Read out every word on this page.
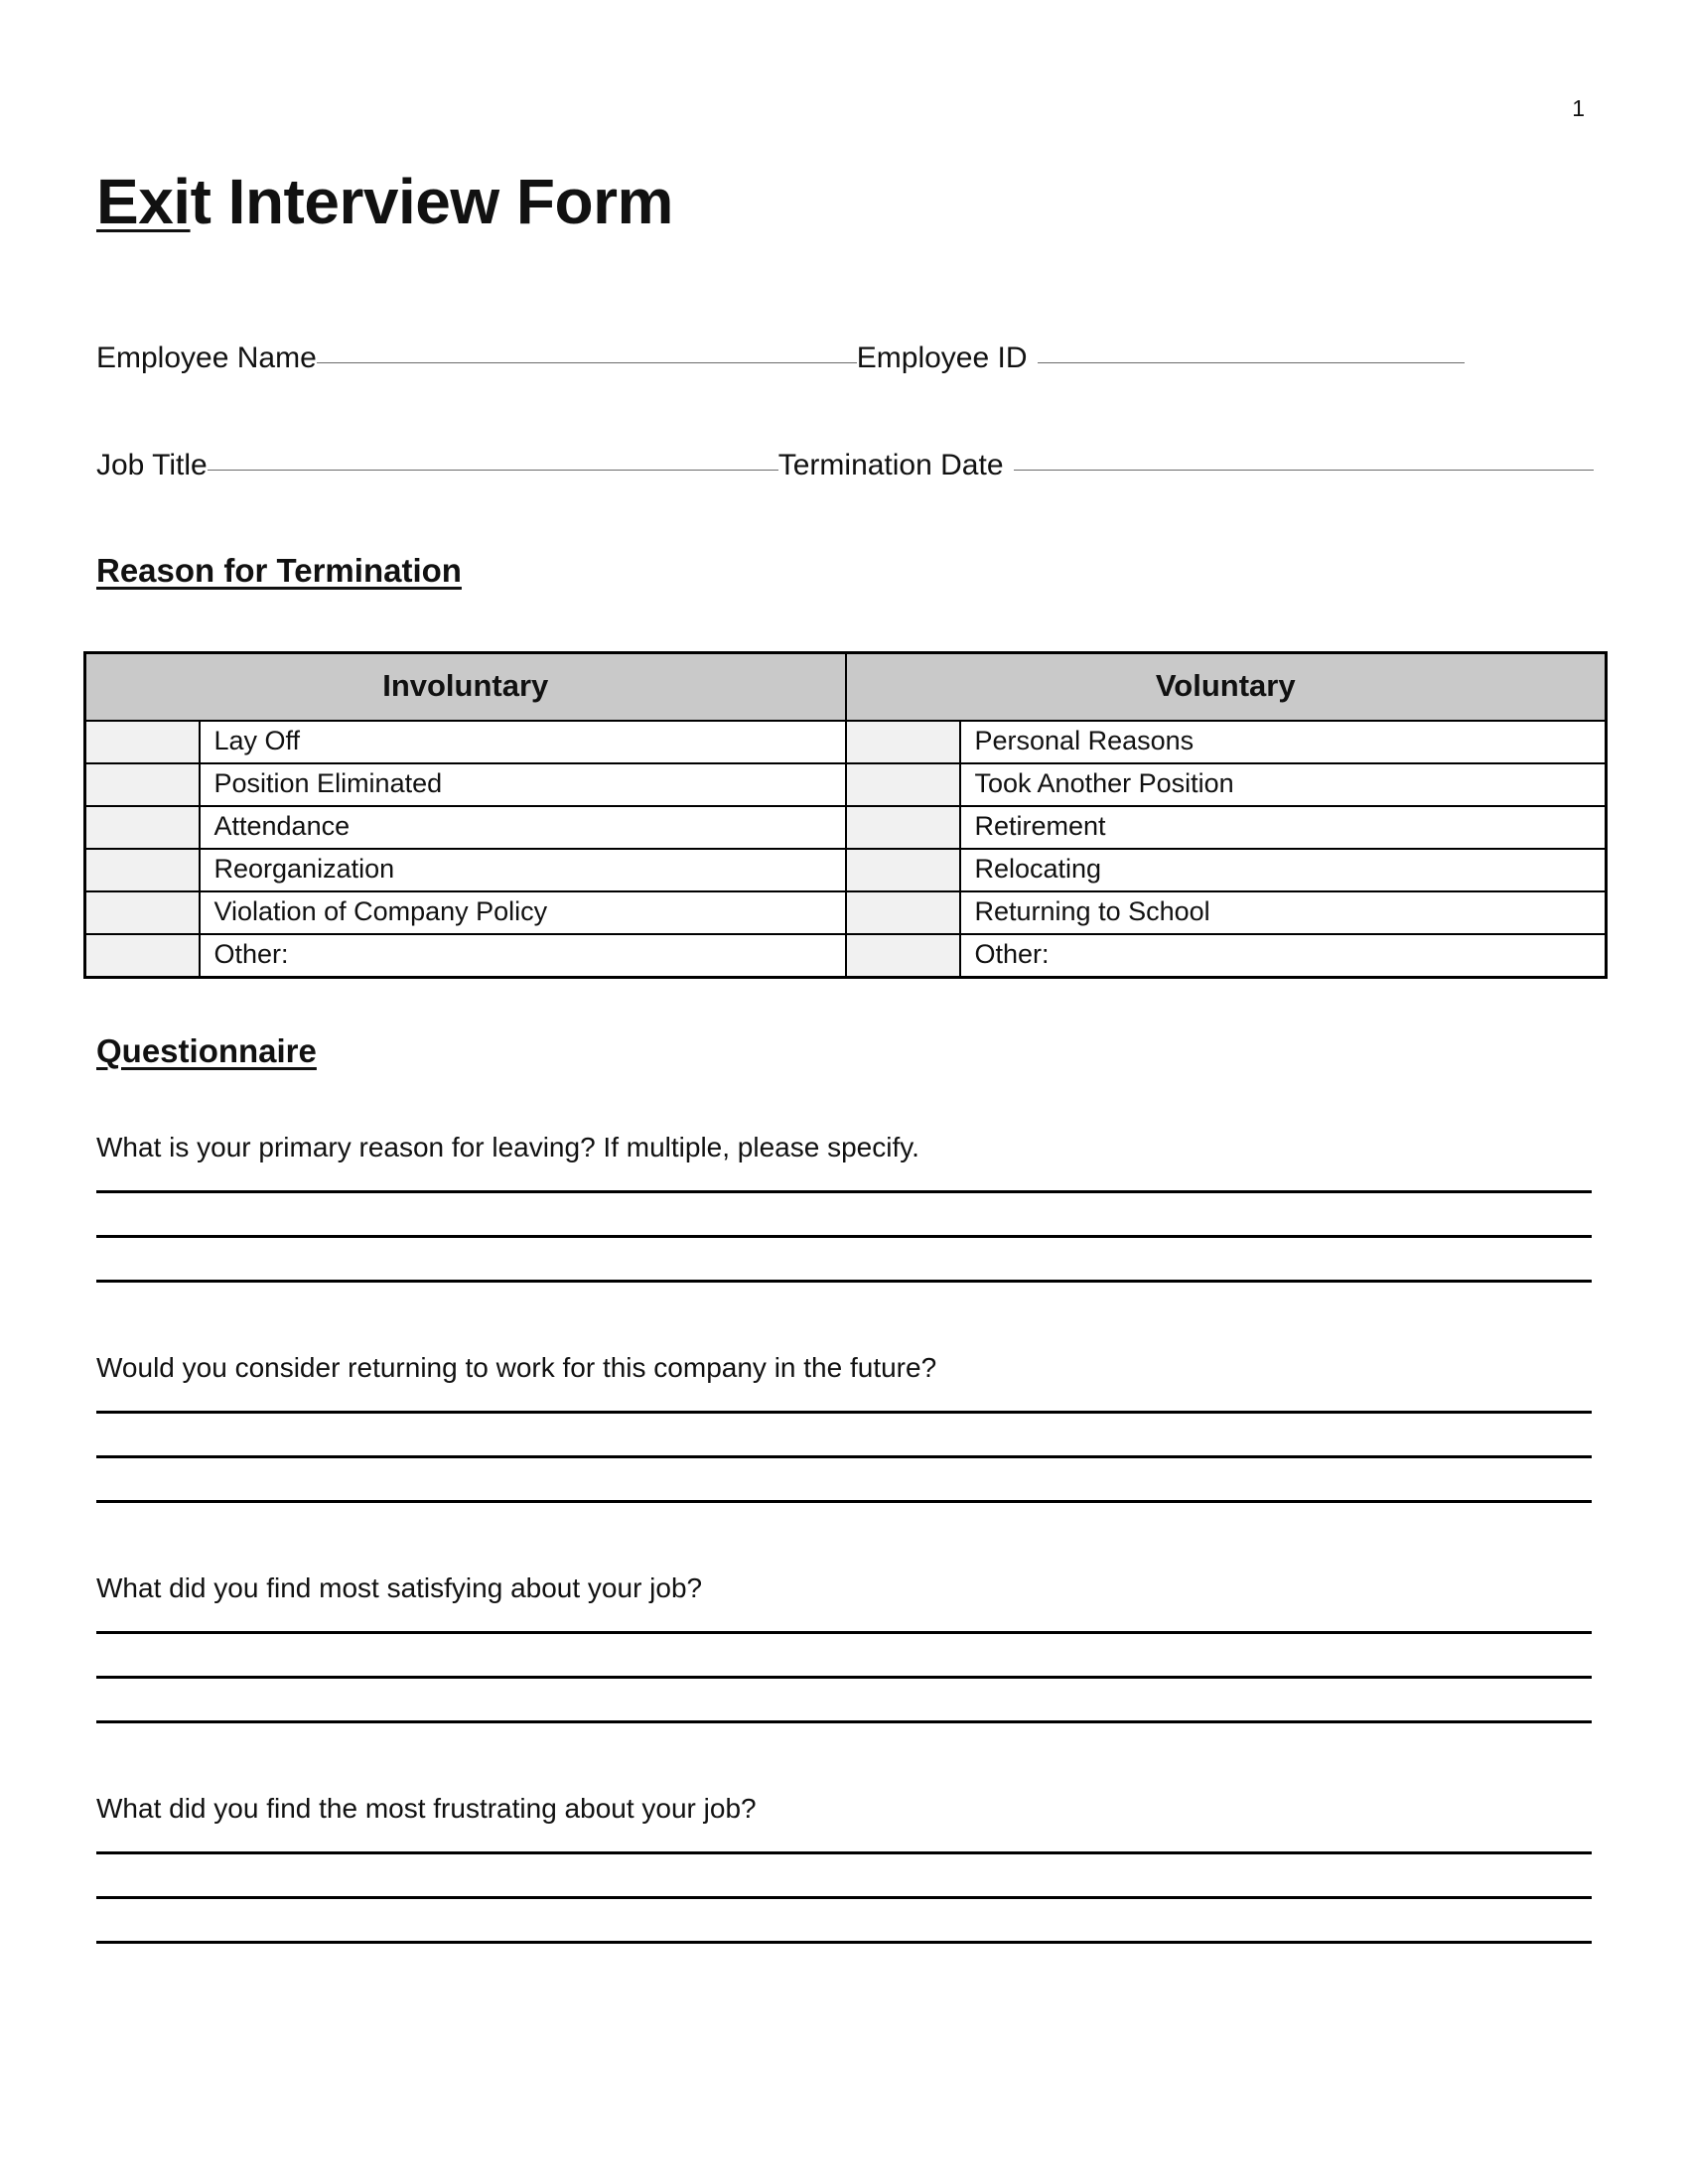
1
Exit Interview Form
Employee Name	Employee ID
Job Title	Termination Date
Reason for Termination
Involuntary		Voluntary	
	Lay Off		Personal Reasons
	Position Eliminated		Took Another Position
	Attendance		Retirement
	Reorganization		Relocating
	Violation of Company Policy		Returning to School
	Other:		Other:
Questionnaire
What is your primary reason for leaving? If multiple, please specify.
Would you consider returning to work for this company in the future?
What did you find most satisfying about your job?
What did you find the most frustrating about your job?
